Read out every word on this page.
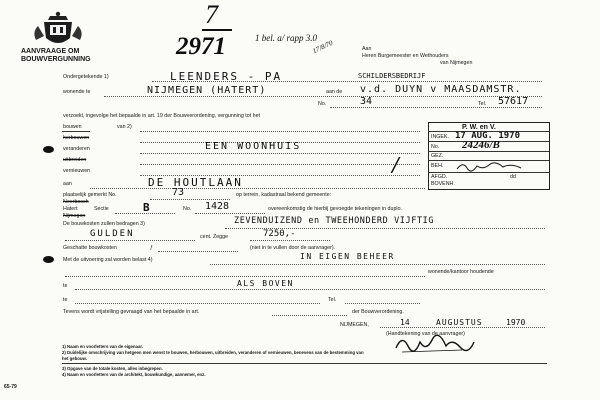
AANVRAAGE OM
BOUWVERGUNNING
7
2971	1 bel. a/ rapp 3.0
17/8/70	Aan
Heren Burgemeester en Wethouders
van Nijmegen
Ondergetekende 1)	LEENDERS - PA	SCHILDERSBEDRIJF
wonende te	NIJMEGEN (HATERT)	aan de v.d. DUYN v MAASDAMSTR.
No.	34	Tel. 57617
verzoekt, ingevolge het bepaalde in art. 19 der Bouwverordening, vergunning tot het
bouwen	van 2)
herbouwen
veranderen	EEN WOONHUIS
uitbreiden
vernieuwen
aan	DE HOUTLAAN
/
P. W. en V.
INGEK. 17 AUG. 1970
No. 24246/B
GEZ.
BEH.
AFGD.	dd
BOVENH.
plaatselijk gemerkt No.	73	op terrein, kadastraal bekend gemeente:
Neerbosch
Hatert	Sectie	B	No. 1428	overeenkomstig de hierbij gevoegde tekeningen in duplo.
Nijmegen
De bouwkosten zullen bedragen 3)	ZEVENDUIZEND en TWEEHONDERD VIJFTIG
GULDEN	cent. Zegge	7250,-
Geschatte bouwkosten	ƒ	(niet in te vullen door de aanvrager).
Met de uitvoering zal worden belast 4)	IN EIGEN BEHEER
wonende/kantoor houdende
te	ALS BOVEN
te	Tel.
Tevens wordt vrijstelling gevraagd van het bepaalde in art.	der Bouwverordening.
NIJMEGEN,	14	AUGUSTUS	1970
(Handtekening van de aanvrager)
1) Naam en voorletters van de eigenaar.
2) Duidelijke omschrijving van hetgeen men wenst te bouwen, herbouwen, uitbreiden, veranderen of vernieuwen, benevens van de bestemming van
het gebouw.
3) Opgave van de totale kosten, alles inbegrepen.
4) Naam en voorletters van de architekt, bouwkundige, aannemer, enz.
65-79
